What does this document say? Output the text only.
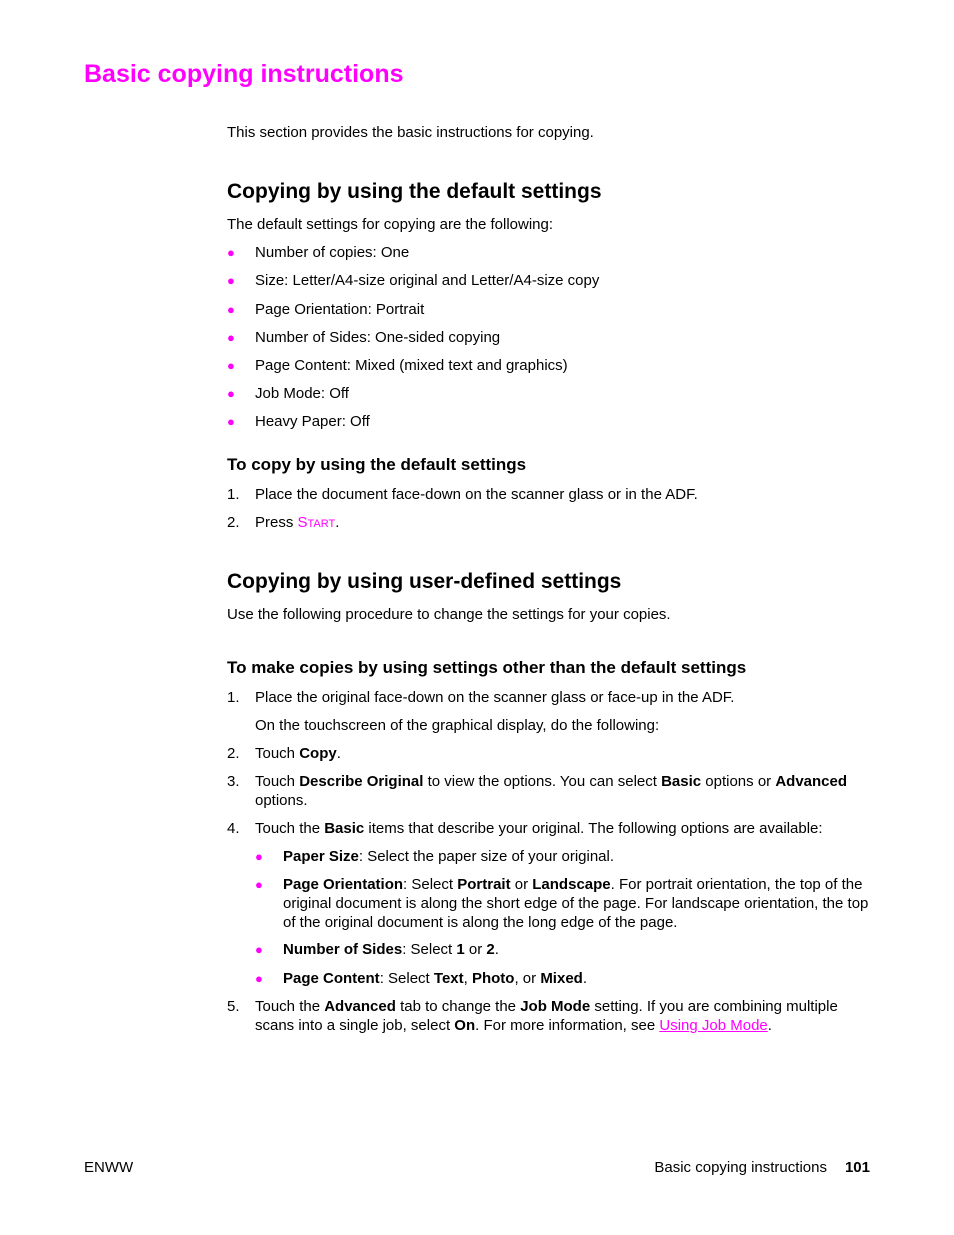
Basic copying instructions

This section provides the basic instructions for copying.

Copying by using the default settings

The default settings for copying are the following:

● Number of copies: One
● Size: Letter/A4-size original and Letter/A4-size copy
● Page Orientation: Portrait
● Number of Sides: One-sided copying
● Page Content: Mixed (mixed text and graphics)
● Job Mode: Off
● Heavy Paper: Off
To copy by using the default settings
1. Place the document face-down on the scanner glass or in the ADF.
2. Press Start.
Copying by using user-defined settings

Use the following procedure to change the settings for your copies.

To make copies by using settings other than the default settings
1. Place the original face-down on the scanner glass or face-up in the ADF.

On the touchscreen of the graphical display, do the following:

2. Touch Copy.
3. Touch Describe Original to view the options. You can select Basic options or Advanced options.
4. Touch the Basic items that describe your original. The following options are available:
● Paper Size: Select the paper size of your original.
● Page Orientation: Select Portrait or Landscape. For portrait orientation, the top of the original document is along the short edge of the page. For landscape orientation, the top of the original document is along the long edge of the page.
● Number of Sides: Select 1 or 2.
● Page Content: Select Text, Photo, or Mixed.
5. Touch the Advanced tab to change the Job Mode setting. If you are combining multiple scans into a single job, select On. For more information, see Using Job Mode.
ENWW	Basic copying instructions 101
